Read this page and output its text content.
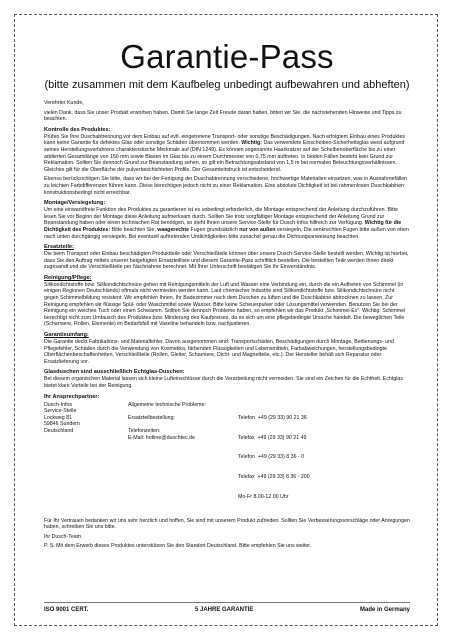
Garantie-Pass
(bitte zusammen mit dem Kaufbeleg unbedingt aufbewahren und abheften)

Verehrter Kunde,

vielen Dank, dass Sie unser Produkt erworben haben. Damit Sie lange Zeit Freude daran haben, bitten wir Sie, die nachstehenden Hinweise und Tipps zu beachten.

Kontrolle des Produktes:

Prüfen Sie Ihre Duschabtrennung vor dem Einbau auf evtl. eingetretene Transport- oder sonstige Beschädigungen. Nach erfolgtem Einbau eines Produktes kann keine Garantie für defektes Glas oder sonstige Schäden übernommen werden. Wichtig: Das verwendete Einscheiben-Sicherheitsglas weist aufgrund seines Herstellungsverfahrens charakteristische Merkmale auf (DIN 1249). Es können sogenannte Haarkratzer auf der Schelbenoberfläche bis zu einer addierten Gesamtlänge von 150 mm sowie Blasen im Glas bis zu einem Durchmesser von 0,75 mm auftreten. In beiden Fällen besteht kein Grund zur Reklamation. Sollten Sie dennoch Grund zur Beanstandung sehen, so gilt ein Betrachtungsabstand von 1,5 m bei normalen Beleuchtungsverhältnissen. Gleiches gilt für die Oberfläche der pulverbeschichteten Profile. Der Gesamteindruck ist entscheidend.

Ebenso berücksichtigen Sie bitte, dass wir bei der Fertigung der Duschabtrennung verschiedene, hochwertige Materialien einsetzen, was in Ausnahmefällen zu leichten Farbdifferenzen führen kann. Diese berechtigen jedoch nicht zu einer Reklamation. Eine absolute Dichtigkeit ist bei rahmenlosen Duschkabinen konstruktionsbedingt nicht erreichbar.

Montage/Versiegelung:

Um eine einwandfreie Funktion des Produktes zu garantieren ist es unbedingt erforderlich, die Montage entsprechend der Anleitung durchzuführen. Bitte lesen Sie vor Beginn der Montage diese Anleitung aufmerksam durch. Sollten Sie trotz sorgfältiger Montage entsprechend der Anleitung Grund zur Beanstandung haben oder einen technischen Rat benötigen, so steht Ihnen unsere Service-Stelle für Dusch-Infos hilfreich zur Verfügung. Wichtig für die Dichtigkeit des Produktes: Bitte beachten Sie, waagerechte Fugen grundsätzlich nur von außen versiegeln. Die senkrechten Fugen bitte außen von oben nach unten durchgängig versiegeln. Bei eventuell auftretenden Undichtigkeiten bitte zunächst genau die Dichtungsanweisung beachten.

Ersatzteile:

Die beim Transport oder Einbau beschädigten Produktteile oder Verschleißteile können über unsere Dusch-Service-Stelle bestellt werden. Wichtig ist hierbei, dass Sie den Auftrag mittels unserer beigefügten Ersatzteilliste und diesem Garantie-Pass schriftlich bestellen. Die bestellten Teile werden Ihnen direkt zugesandt und die Verschleißteile per Nachnahme berechnet. Mit Ihrer Unterschrift bestätigen Sie Ihr Einverständnis.

Reinigung/Pflege:

Silikondichtstoffe bzw. Silikondichtschnüre gehen mit Reinigungsmitteln der Luft und Wasser eine Verbindung ein, durch die ein Auftreten von Schimmel (in einigen Regionen Deutschlands) oftmals nicht vermieden werden kann. Laut chemischer Industrie sind Silikondichtstoffe bzw. Silikondichtschnüre nicht gegen Schimmelbildung resistent. Wir empfehlen Ihnen, Ihr Badezimmer nach dem Duschen zu lüften und die Duschkabine abtrocknen zu lassen. Zur Reinigung empfehlen wir flüssige Spül- oder Waschmittel sowie Wasser. Bitte keine Scheuerpulver oder Lösungsmittel verwenden. Benutzen Sie bei der Reinigung ein weiches Tuch oder einen Schwamm. Sollten Sie dennoch Probleme haben, so empfehlen wir das Produkt „Schimmel-Ex“. Wichtig: Schimmel berechtigt nicht zum Umtausch des Produktes bzw. Minderung des Kaufpreises, da es sich um eine pflegebedingte Ursache handelt. Die beweglichen Teile (Scharniere, Rollen, Elemente) im Bedarfsfall mit Vaseline behandeln bzw. nachjustieren.

Garantieumfang:

Die Garantie deckt Fabrikations- und Materialfehler. Davon ausgenommen sind: Transportschäden, Beschädigungen durch Montage, Bedienungs- und Pflegefehler, Schäden durch die Verwendung von Kosmetika, färbenden Flüssigkeiten und Lebensmitteln, Farbabweichungen, herstellungsbedingte Oberflächenbeschaffenheiten, Verschleißteile (Rollen, Gleiter, Scharniere, Dicht- und Magnetteile, etc.). Der Hersteller behält sich Reparatur oder Ersatzlieferung vor.

Glasduschen sind ausschließlich Echtglas-Duschen:

Bei diesem organischen Material lassen sich kleine Lufteinschlüsse durch die Verarbeitung nicht vermeiden. Sie sind ein Zeichen für die Echtheit. Echtglas bietet klare Vorteile bei der Reinigung.

Ihr Ansprechpartner:

Dusch-Infos
Service-Stelle
Lockweg 81
59846 Sundern
Deutschland
Allgemeine technische Probleme:

Ersatzteilbestellung:

Telefonzeiten:
E-Mail: hotline@duschtec.de

Telefon  +49 (29 33) 90 21 36

Telefax  +49 (29 33) 90 21 49

Telefon  +49 (29 33) 8 36 - 0

Telefax  +49 (29 33) 8 36 - 200

Mo-Fr 8.00-12.00 Uhr

Für Ihr Vertrauen bedanken wir uns sehr herzlich und hoffen, Sie sind mit unserem Produkt zufrieden. Sollten Sie Verbesserungsvorschläge oder Anregungen haben, schreiben Sie uns bitte.

Ihr Dusch-Team

P. S. Mit dem Erwerb dieses Produktes unterstützen Sie den Standort Deutschland. Bitte empfehlen Sie uns weiter.

ISO 9001 CERT.	5 JAHRE GARANTIE	Made in Germany
